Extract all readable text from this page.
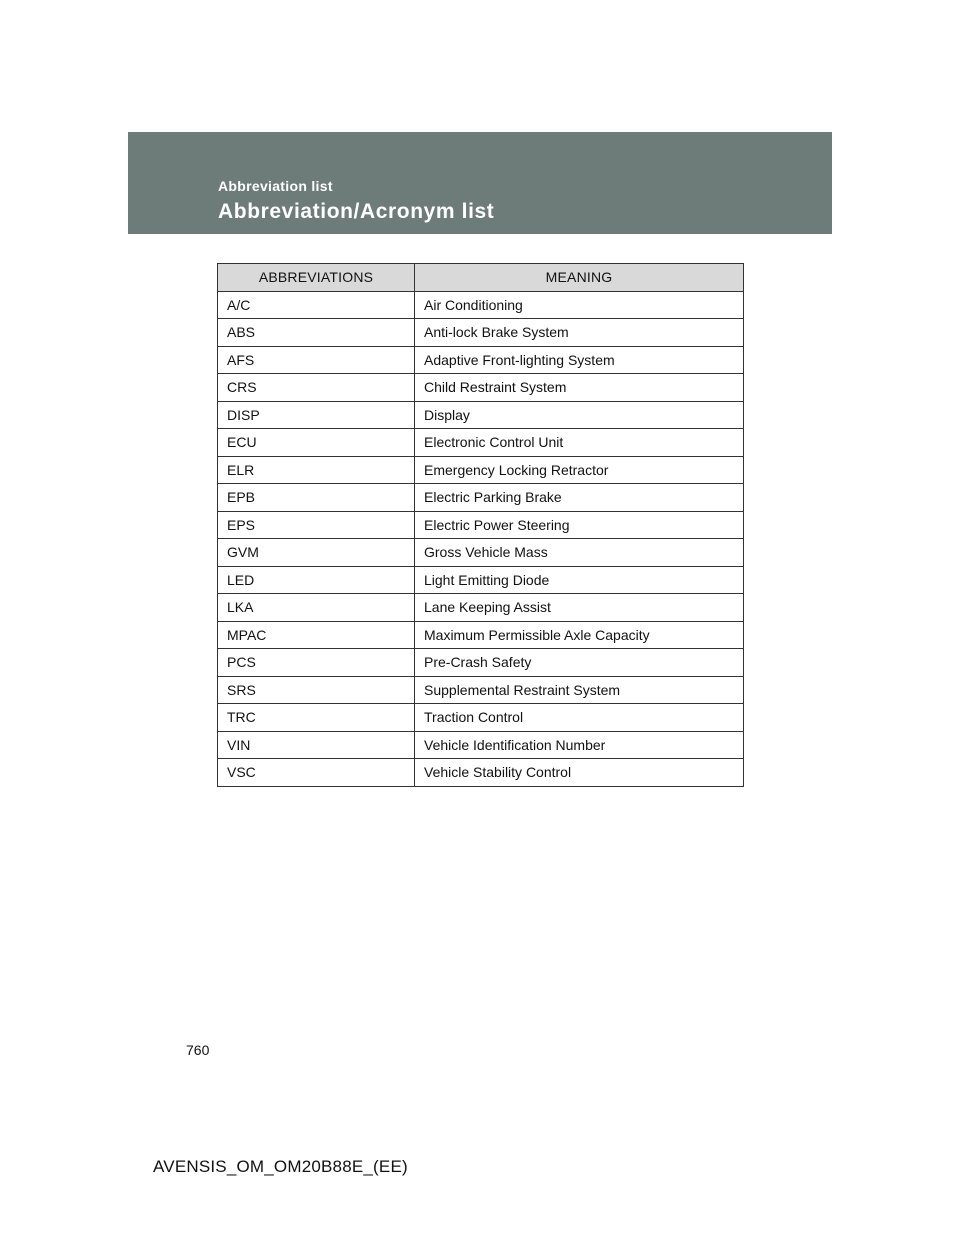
Abbreviation list
Abbreviation/Acronym list
ABBREVIATIONS	MEANING
A/C	Air Conditioning
ABS	Anti-lock Brake System
AFS	Adaptive Front-lighting System
CRS	Child Restraint System
DISP	Display
ECU	Electronic Control Unit
ELR	Emergency Locking Retractor
EPB	Electric Parking Brake
EPS	Electric Power Steering
GVM	Gross Vehicle Mass
LED	Light Emitting Diode
LKA	Lane Keeping Assist
MPAC	Maximum Permissible Axle Capacity
PCS	Pre-Crash Safety
SRS	Supplemental Restraint System
TRC	Traction Control
VIN	Vehicle Identification Number
VSC	Vehicle Stability Control
760
AVENSIS_OM_OM20B88E_(EE)
